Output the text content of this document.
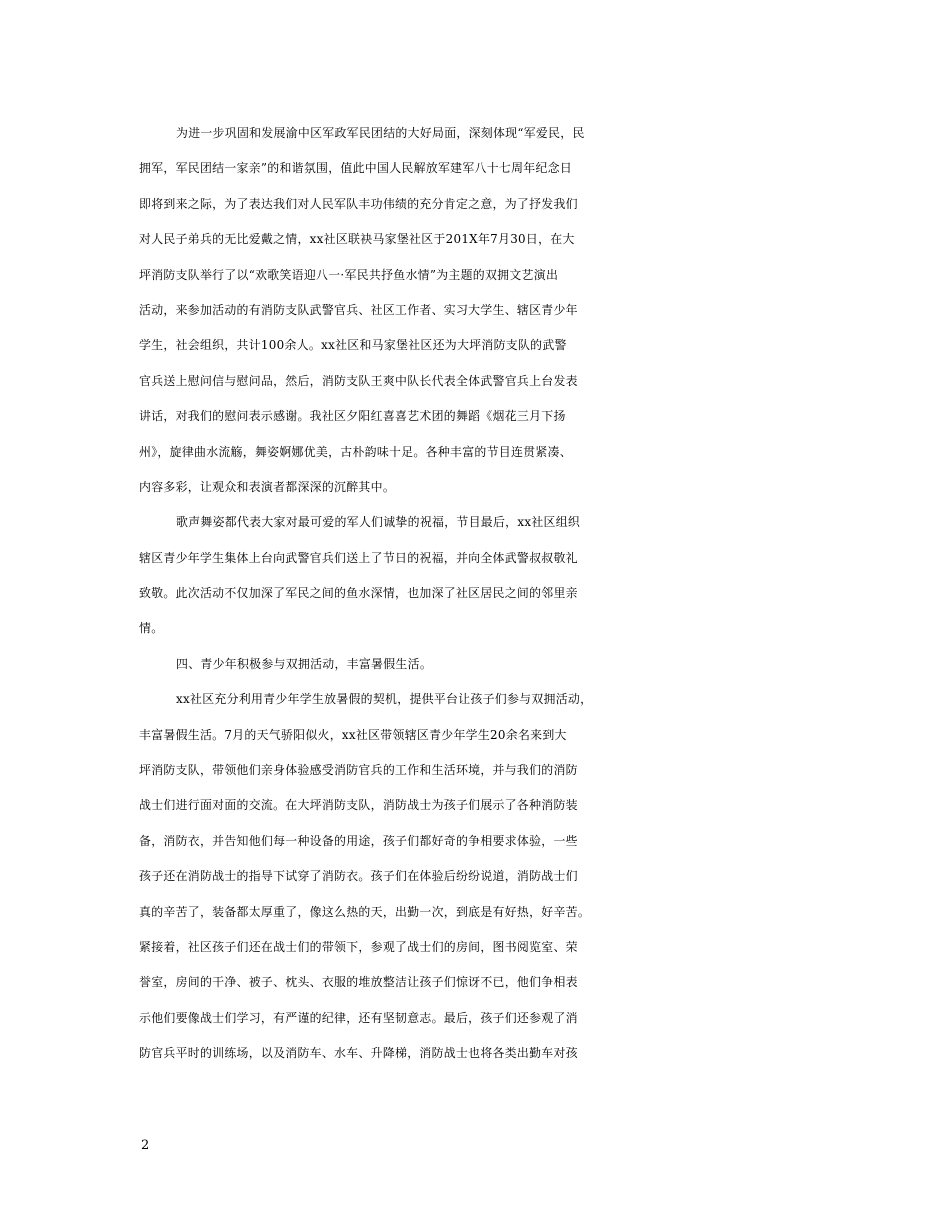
为进一步巩固和发展渝中区军政军民团结的大好局面，深刻体现“军爱民，民
拥军，军民团结一家亲”的和谐氛围，值此中国人民解放军建军八十七周年纪念日
即将到来之际，为了表达我们对人民军队丰功伟绩的充分肯定之意，为了抒发我们
对人民子弟兵的无比爱戴之情，xx社区联袂马家堡社区于201X年7月30日，在大
坪消防支队举行了以“欢歌笑语迎八一·军民共抒鱼水情”为主题的双拥文艺演出
活动，来参加活动的有消防支队武警官兵、社区工作者、实习大学生、辖区青少年
学生，社会组织，共计100余人。xx社区和马家堡社区还为大坪消防支队的武警
官兵送上慰问信与慰问品，然后，消防支队王爽中队长代表全体武警官兵上台发表
讲话，对我们的慰问表示感谢。我社区夕阳红喜喜艺术团的舞蹈《烟花三月下扬
州》，旋律曲水流觞，舞姿婀娜优美，古朴韵味十足。各种丰富的节目连贯紧凑、
内容多彩，让观众和表演者都深深的沉醉其中。
歌声舞姿都代表大家对最可爱的军人们诚挚的祝福，节目最后，xx社区组织
辖区青少年学生集体上台向武警官兵们送上了节日的祝福，并向全体武警叔叔敬礼
致敬。此次活动不仅加深了军民之间的鱼水深情，也加深了社区居民之间的邻里亲
情。
四、青少年积极参与双拥活动，丰富暑假生活。
xx社区充分利用青少年学生放暑假的契机，提供平台让孩子们参与双拥活动，
丰富暑假生活。7月的天气骄阳似火，xx社区带领辖区青少年学生20余名来到大
坪消防支队，带领他们亲身体验感受消防官兵的工作和生活环境，并与我们的消防
战士们进行面对面的交流。在大坪消防支队，消防战士为孩子们展示了各种消防装
备，消防衣，并告知他们每一种设备的用途，孩子们都好奇的争相要求体验，一些
孩子还在消防战士的指导下试穿了消防衣。孩子们在体验后纷纷说道，消防战士们
真的辛苦了，装备都太厚重了，像这么热的天，出勤一次，到底是有好热，好辛苦。
紧接着，社区孩子们还在战士们的带领下，参观了战士们的房间，图书阅览室、荣
誉室，房间的干净、被子、枕头、衣服的堆放整洁让孩子们惊讶不已，他们争相表
示他们要像战士们学习，有严谨的纪律，还有坚韧意志。最后，孩子们还参观了消
防官兵平时的训练场，以及消防车、水车、升降梯，消防战士也将各类出勤车对孩
2
